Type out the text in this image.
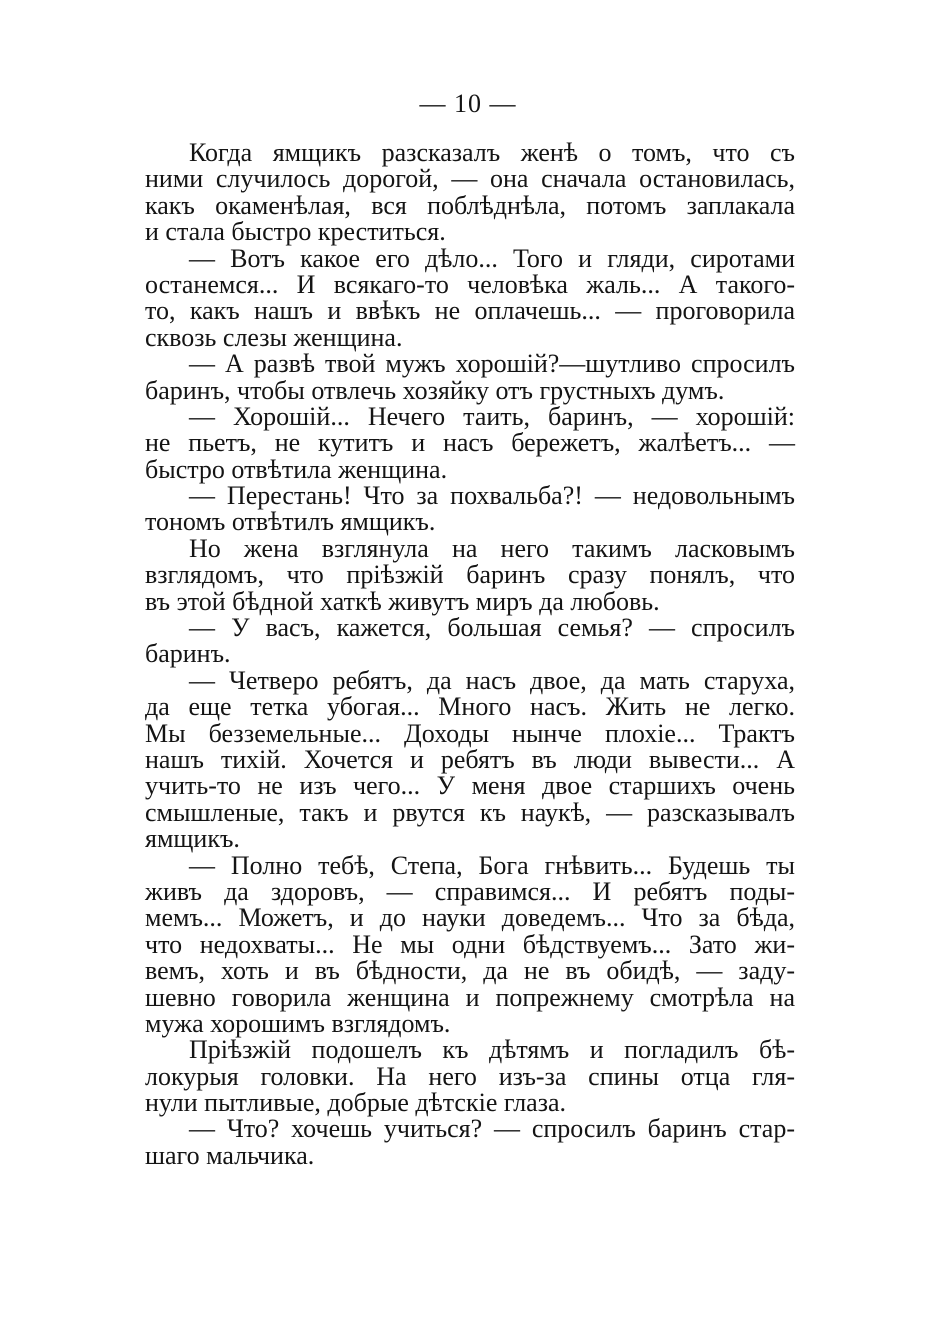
— 10 —
Когда ямщикъ разсказалъ женѣ о томъ, что съ
ними случилось дорогой, — она сначала остановилась,
какъ окаменѣлая, вся поблѣднѣла, потомъ заплакала
и стала быстро креститься.
— Вотъ какое его дѣло... Того и гляди, сиротами
останемся... И всякаго-то человѣка жаль... А такого-
то, какъ нашъ и ввѣкъ не оплачешь... — проговорила
сквозь слезы женщина.
— А развѣ твой мужъ хорошій?—шутливо спросилъ
баринъ, чтобы отвлечь хозяйку отъ грустныхъ думъ.
— Хорошій... Нечего таить, баринъ, — хорошій:
не пьетъ, не кутитъ и насъ бережетъ, жалѣетъ... —
быстро отвѣтила женщина.
— Перестань! Что за похвальба?! — недовольнымъ
тономъ отвѣтилъ ямщикъ.
Но жена взглянула на него такимъ ласковымъ
взглядомъ, что пріѣзжій баринъ сразу понялъ, что
въ этой бѣдной хаткѣ живутъ миръ да любовь.
— У васъ, кажется, большая семья? — спросилъ
баринъ.
— Четверо ребятъ, да насъ двое, да мать старуха,
да еще тетка убогая... Много насъ. Жить не легко.
Мы безземельные... Доходы нынче плохіе... Трактъ
нашъ тихій. Хочется и ребятъ въ люди вывести... А
учить-то не изъ чего... У меня двое старшихъ очень
смышленые, такъ и рвутся къ наукѣ, — разсказывалъ
ямщикъ.
— Полно тебѣ, Степа, Бога гнѣвить... Будешь ты
живъ да здоровъ, — справимся... И ребятъ поды-
мемъ... Можетъ, и до науки доведемъ... Что за бѣда,
что недохваты... Не мы одни бѣдствуемъ... Зато жи-
вемъ, хоть и въ бѣдности, да не въ обидѣ, — заду-
шевно говорила женщина и попрежнему смотрѣла на
мужа хорошимъ взглядомъ.
Пріѣзжій подошелъ къ дѣтямъ и погладилъ бѣ-
локурыя головки. На него изъ-за спины отца гля-
нули пытливые, добрые дѣтскіе глаза.
— Что? хочешь учиться? — спросилъ баринъ стар-
шаго мальчика.
